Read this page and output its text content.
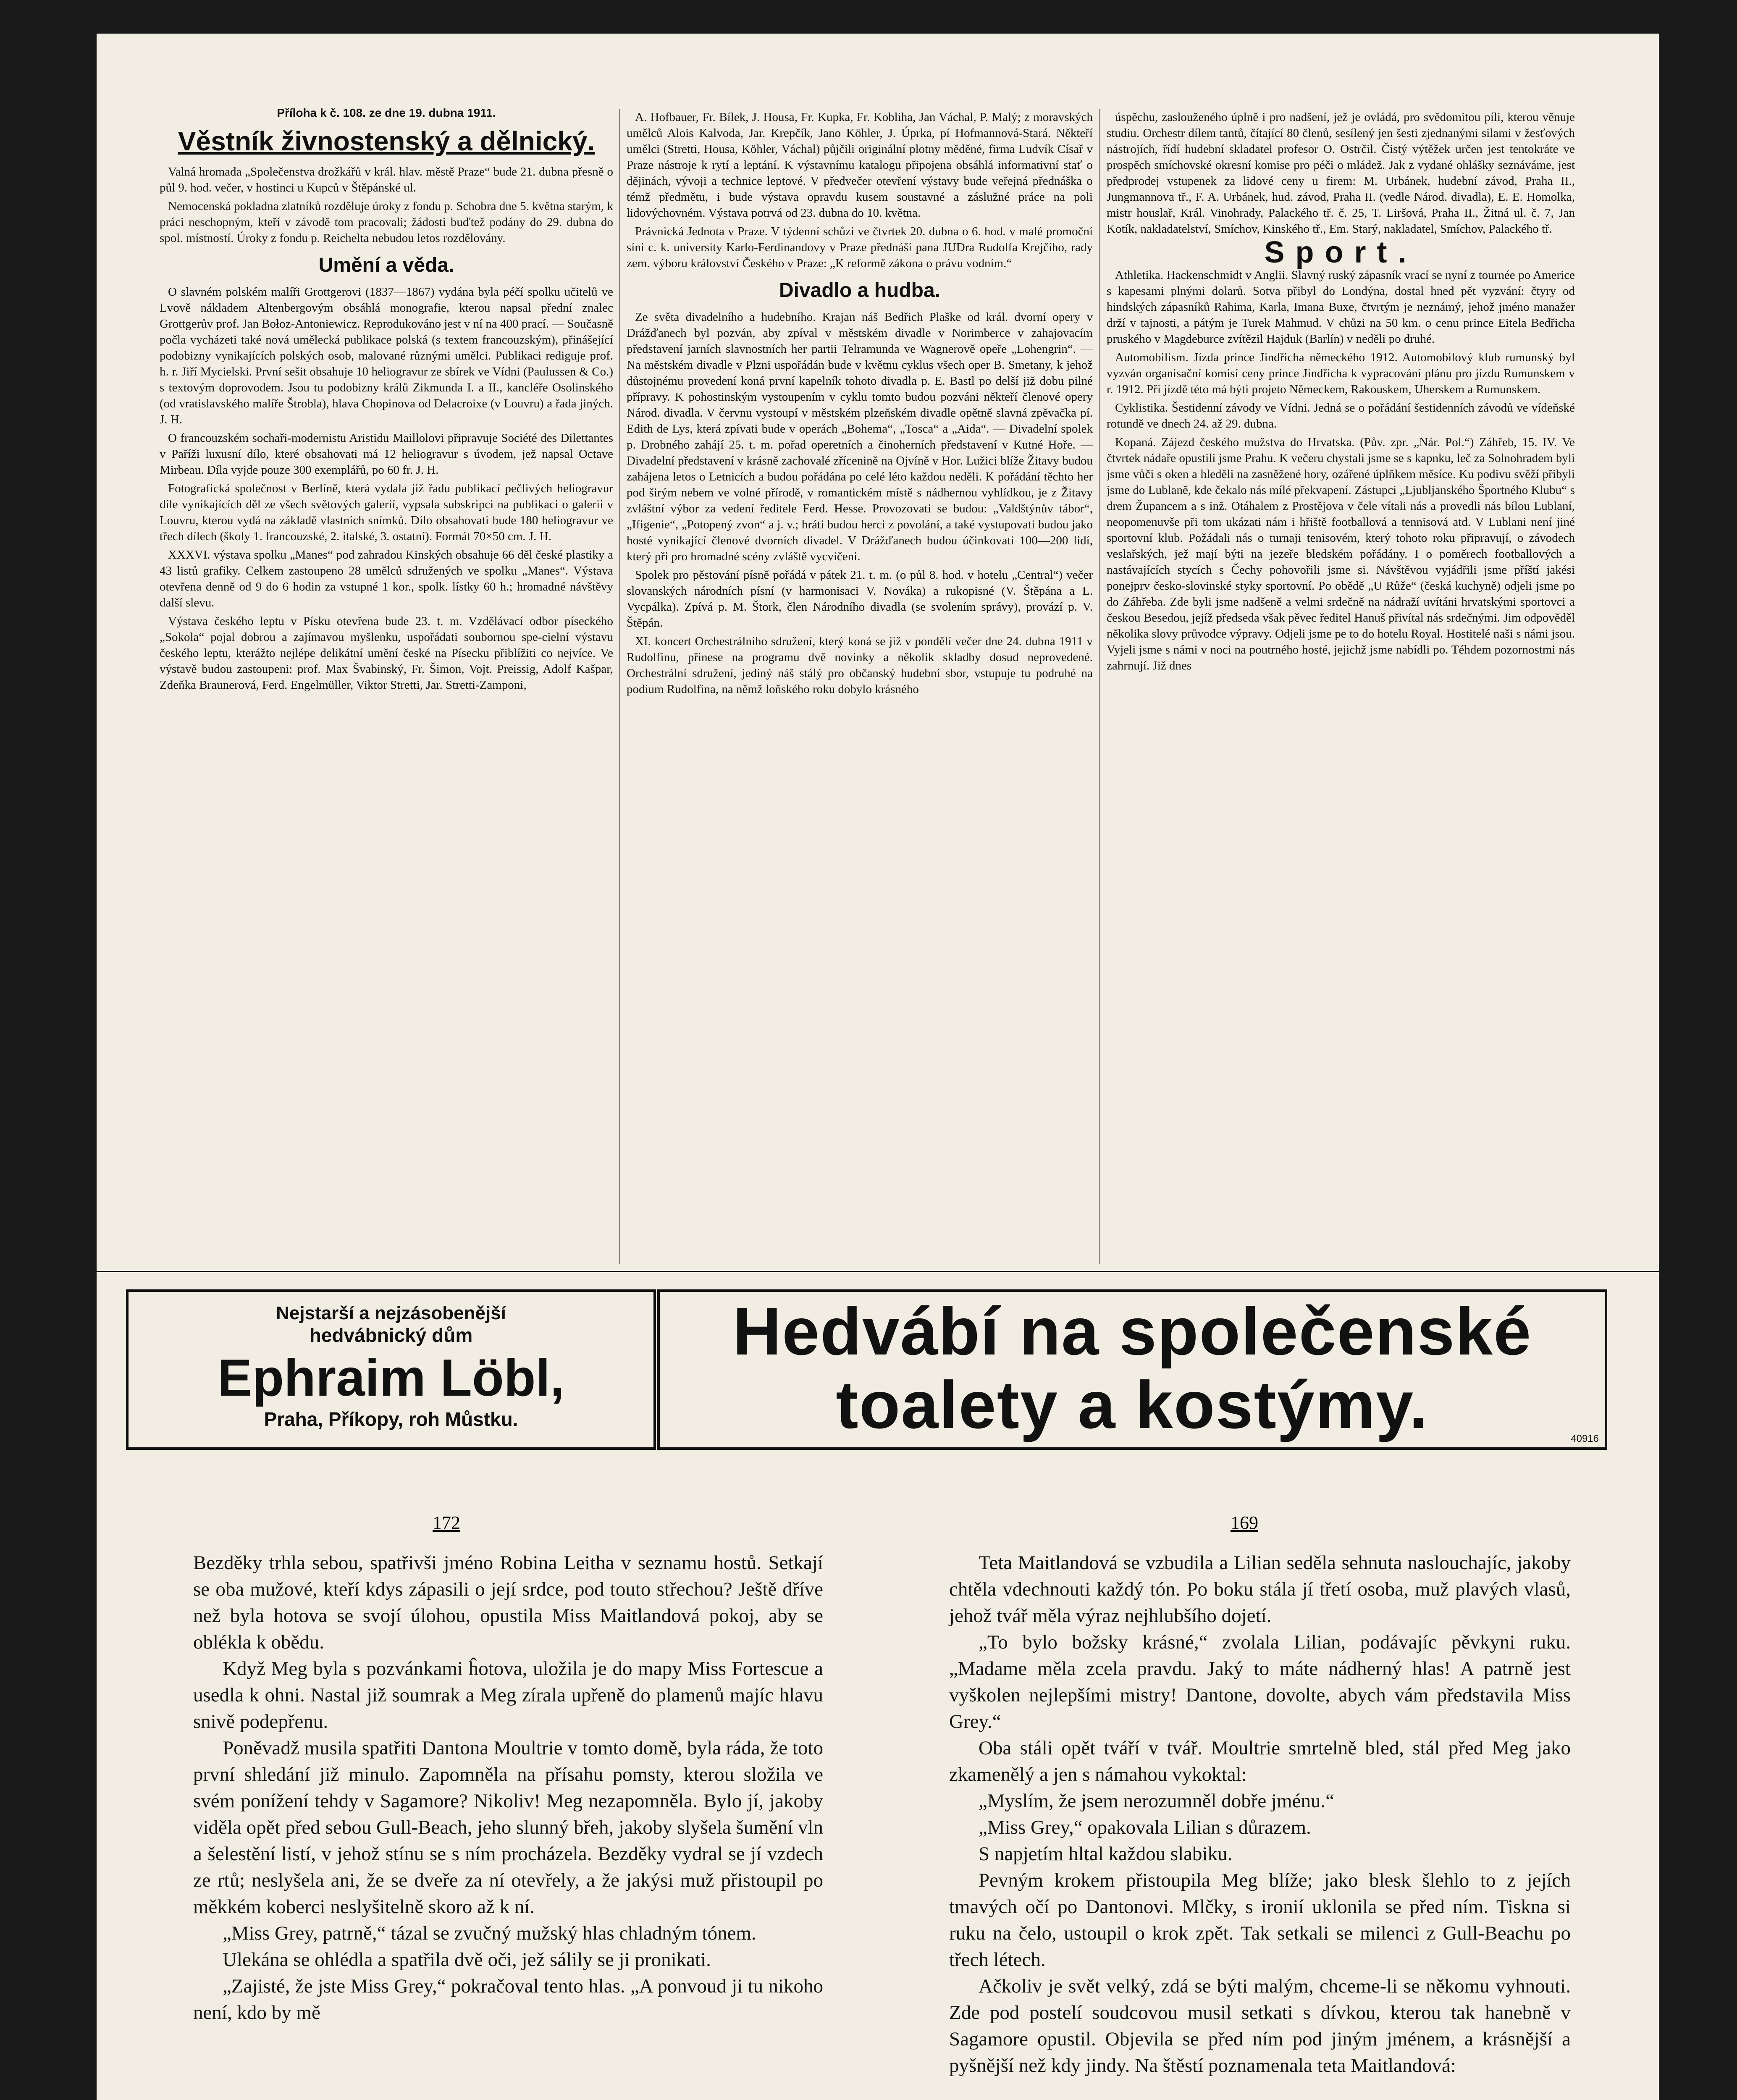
Příloha k č. 108. ze dne 19. dubna 1911.
Věstník živnostenský a dělnický.

Valná hromada „Společenstva drožkářů v král. hlav. městě Praze“ bude 21. dubna přesně o půl 9. hod. večer, v hostinci u Kupců v Štěpánské ul.

Nemocenská pokladna zlatníků rozděluje úroky z fondu p. Schobra dne 5. května starým, k práci neschopným, kteří v závodě tom pracovali; žádosti buďtež podány do 29. dubna do spol. místností. Úroky z fondu p. Reichelta nebudou letos rozdělovány.

Umění a věda.

O slavném polském malíři Grottgerovi (1837—1867) vydána byla péčí spolku učitelů ve Lvově nákladem Altenbergovým obsáhlá monografie, kterou napsal přední znalec Grottgerův prof. Jan Bołoz-Antoniewicz. Reprodukováno jest v ní na 400 prací. — Současně počla vycházeti také nová umělecká publikace polská (s textem francouzským), přinášející podobizny vynikajících polských osob, malované různými umělci. Publikaci rediguje prof. h. r. Jiří Mycielski. První sešit obsahuje 10 heliogravur ze sbírek ve Vídni (Paulussen & Co.) s textovým doprovodem. Jsou tu podobizny králů Zikmunda I. a II., kancléře Osolinského (od vratislavského malíře Štrobla), hlava Chopinova od Delacroixe (v Louvru) a řada jiných. J. H.

O francouzském sochaři-modernistu Aristidu Maillolovi připravuje Société des Dilettantes v Paříži luxusní dílo, které obsahovati má 12 heliogravur s úvodem, jež napsal Octave Mirbeau. Díla vyjde pouze 300 exemplářů, po 60 fr. J. H.

Fotografická společnost v Berlíně, která vydala již řadu publikací pečlivých heliogravur díle vynikajících děl ze všech světových galerií, vypsala subskripci na publikaci o galerii v Louvru, kterou vydá na základě vlastních snímků. Dílo obsahovati bude 180 heliogravur ve třech dílech (školy 1. francouzské, 2. italské, 3. ostatní). Formát 70×50 cm. J. H.

XXXVI. výstava spolku „Manes“ pod zahradou Kinských obsahuje 66 děl české plastiky a 43 listů grafiky. Celkem zastoupeno 28 umělců sdružených ve spolku „Manes“. Výstava otevřena denně od 9 do 6 hodin za vstupné 1 kor., spolk. lístky 60 h.; hromadné návštěvy další slevu.

Výstava českého leptu v Písku otevřena bude 23. t. m. Vzdělávací odbor píseckého „Sokola“ pojal dobrou a zajímavou myšlenku, uspořádati soubornou spe-cielní výstavu českého leptu, kterážto nejlépe delikátní umění české na Písecku přiblížiti co nejvíce. Ve výstavě budou zastoupeni: prof. Max Švabinský, Fr. Šimon, Vojt. Preissig, Adolf Kašpar, Zdeňka Braunerová, Ferd. Engelmüller, Viktor Stretti, Jar. Stretti-Zamponi,

A. Hofbauer, Fr. Bílek, J. Housa, Fr. Kupka, Fr. Kobliha, Jan Váchal, P. Malý; z moravských umělců Alois Kalvoda, Jar. Krepčík, Jano Köhler, J. Úprka, pí Hofmannová-Stará. Někteří umělci (Stretti, Housa, Köhler, Váchal) půjčili originální plotny měděné, firma Ludvík Císař v Praze nástroje k rytí a leptání. K výstavnímu katalogu připojena obsáhlá informativní stať o dějinách, vývoji a technice leptové. V předvečer otevření výstavy bude veřejná přednáška o témž předmětu, i bude výstava opravdu kusem soustavné a záslužné práce na poli lidovýchovném. Výstava potrvá od 23. dubna do 10. května.

Právnická Jednota v Praze. V týdenní schůzi ve čtvrtek 20. dubna o 6. hod. v malé promoční síni c. k. university Karlo-Ferdinandovy v Praze přednáší pana JUDra Rudolfa Krejčího, rady zem. výboru království Českého v Praze: „K reformě zákona o právu vodním.“

Divadlo a hudba.

Ze světa divadelního a hudebního. Krajan náš Bedřich Plaške od král. dvorní opery v Drážďanech byl pozván, aby zpíval v městském divadle v Norimberce v zahajovacím představení jarních slavnostních her partii Telramunda ve Wagnerově opeře „Lohengrin“. — Na městském divadle v Plzni uspořádán bude v květnu cyklus všech oper B. Smetany, k jehož důstojnému provedení koná první kapelník tohoto divadla p. E. Bastl po delší již dobu pilné přípravy. K pohostinským vystoupením v cyklu tomto budou pozváni někteří členové opery Národ. divadla. V červnu vystoupí v městském plzeňském divadle opětně slavná zpěvačka pí. Edith de Lys, která zpívati bude v operách „Bohema“, „Tosca“ a „Aida“. — Divadelní spolek p. Drobného zahájí 25. t. m. pořad operetních a činoherních představení v Kutné Hoře. — Divadelní představení v krásně zachovalé zřícenině na Ojvíně v Hor. Lužici blíže Žitavy budou zahájena letos o Letnicích a budou pořádána po celé léto každou neděli. K pořádání těchto her pod širým nebem ve volné přírodě, v romantickém místě s nádhernou vyhlídkou, je z Žitavy zvláštní výbor za vedení ředitele Ferd. Hesse. Provozovati se budou: „Valdštýnův tábor“, „Ifigenie“, „Potopený zvon“ a j. v.; hráti budou herci z povolání, a také vystupovati budou jako hosté vynikající členové dvorních divadel. V Drážďanech budou účinkovati 100—200 lidí, který při pro hromadné scény zvláště vycvičeni.

Spolek pro pěstování písně pořádá v pátek 21. t. m. (o půl 8. hod. v hotelu „Central“) večer slovanských národních písní (v harmonisaci V. Nováka) a rukopisné (V. Štěpána a L. Vycpálka). Zpívá p. M. Štork, člen Národního divadla (se svolením správy), provází p. V. Štěpán.

XI. koncert Orchestrálního sdružení, který koná se již v pondělí večer dne 24. dubna 1911 v Rudolfinu, přinese na programu dvě novinky a několik skladby dosud neprovedené. Orchestrální sdružení, jediný náš stálý pro občanský hudební sbor, vstupuje tu podruhé na podium Rudolfina, na němž loňského roku dobylo krásného

úspěchu, zaslouženého úplně i pro nadšení, jež je ovládá, pro svědomitou píli, kterou věnuje studiu. Orchestr dílem tantů, čítající 80 členů, sesílený jen šesti zjednanými silami v žesťových nástrojích, řídí hudební skladatel profesor O. Ostrčil. Čistý výtěžek určen jest tentokráte ve prospěch smíchovské okresní komise pro péči o mládež. Jak z vydané ohlášky seznáváme, jest předprodej vstupenek za lidové ceny u firem: M. Urbánek, hudební závod, Praha II., Jungmannova tř., F. A. Urbánek, hud. závod, Praha II. (vedle Národ. divadla), E. E. Homolka, mistr houslař, Král. Vinohrady, Palackého tř. č. 25, T. Liršová, Praha II., Žitná ul. č. 7, Jan Kotík, nakladatelství, Smíchov, Kinského tř., Em. Starý, nakladatel, Smíchov, Palackého tř.

Sport.

Athletika. Hackenschmidt v Anglii. Slavný ruský zápasník vrací se nyní z tournée po Americe s kapesami plnými dolarů. Sotva přibyl do Londýna, dostal hned pět vyzvání: čtyry od hindských zápasníků Rahima, Karla, Imana Buxe, čtvrtým je neznámý, jehož jméno manažer drží v tajnosti, a pátým je Turek Mahmud. V chůzi na 50 km. o cenu prince Eitela Bedřicha pruského v Magdeburce zvítězil Hajduk (Barlín) v neděli po druhé.

Automobilism. Jízda prince Jindřicha německého 1912. Automobilový klub rumunský byl vyzván organisační komisí ceny prince Jindřicha k vypracování plánu pro jízdu Rumunskem v r. 1912. Při jízdě této má býti projeto Německem, Rakouskem, Uherskem a Rumunskem.

Cyklistika. Šestidenní závody ve Vídni. Jedná se o pořádání šestidenních závodů ve vídeňské rotundě ve dnech 24. až 29. dubna.

Kopaná. Zájezd českého mužstva do Hrvatska. (Pův. zpr. „Nár. Pol.“) Záhřeb, 15. IV. Ve čtvrtek nádaře opustili jsme Prahu. K večeru chystali jsme se s kapnku, leč za Solnohradem byli jsme vůči s oken a hleděli na zasněžené hory, ozářené úplňkem měsíce. Ku podivu svěží přibyli jsme do Lublaně, kde čekalo nás mílé překvapení. Zástupci „Ljubljanského Športného Klubu“ s drem Župancem a s inž. Otáhalem z Prostějova v čele vítali nás a provedli nás bílou Lublaní, neopomenuvše při tom ukázati nám i hřiště footballová a tennisová atd. V Lublani není jiné sportovní klub. Požádali nás o turnaji tenisovém, který tohoto roku připravují, o závodech veslařských, jež mají býti na jezeře bledském pořádány. I o poměrech footballových a nastávajících stycích s Čechy pohovořili jsme si. Návštěvou vyjádřili jsme příští jakési ponejprv česko-slovinské styky sportovní. Po obědě „U Růže“ (česká kuchyně) odjeli jsme po do Záhřeba. Zde byli jsme nadšeně a velmi srdečně na nádraží uvítáni hrvatskými sportovci a českou Besedou, jejíž předseda však pěvec ředitel Hanuš přivítal nás srdečnými. Jim odpověděl několika slovy průvodce výpravy. Odjeli jsme pe to do hotelu Royal. Hostitelé naši s námi jsou. Vyjeli jsme s námi v noci na poutrného hosté, jejichž jsme nabídli po. Téhdem pozornostmi nás zahrnují. Již dnes

Nejstarší a nejzásobenější
hedvábnický dům
Ephraim Löbl,
Praha, Příkopy, roh Můstku.
Hedvábí na společenské
toalety a kostýmy.	40916
172

Bezděky trhla sebou, spatřivši jméno Robina Leitha v seznamu hostů. Setkají se oba mužové, kteří kdys zápasili o její srdce, pod touto střechou? Ještě dříve než byla hotova se svojí úlohou, opustila Miss Maitlandová pokoj, aby se oblékla k obědu.

Když Meg byla s pozvánkami ĥotova, uložila je do mapy Miss Fortescue a usedla k ohni. Nastal již soumrak a Meg zírala upřeně do plamenů majíc hlavu snivě podepřenu.

Poněvadž musila spatřiti Dantona Moultrie v tomto domě, byla ráda, že toto první shledání již minulo. Zapomněla na přísahu pomsty, kterou složila ve svém ponížení tehdy v Sagamore? Nikoliv! Meg nezapomněla. Bylo jí, jakoby viděla opět před sebou Gull-Beach, jeho slunný břeh, jakoby slyšela šumění vln a šelestění listí, v jehož stínu se s ním procházela. Bezděky vydral se jí vzdech ze rtů; neslyšela ani, že se dveře za ní otevřely, a že jakýsi muž přistoupil po měkkém koberci neslyšitelně skoro až k ní.

„Miss Grey, patrně,“ tázal se zvučný mužský hlas chladným tónem.

Ulekána se ohlédla a spatřila dvě oči, jež sálily se ji pronikati.

„Zajisté, že jste Miss Grey,“ pokračoval tento hlas. „A ponvoud ji tu nikoho není, kdo by mě

169

Teta Maitlandová se vzbudila a Lilian seděla sehnuta naslouchajíc, jakoby chtěla vdechnouti každý tón. Po boku stála jí třetí osoba, muž plavých vlasů, jehož tvář měla výraz nejhlubšího dojetí.

„To bylo božsky krásné,“ zvolala Lilian, podávajíc pěvkyni ruku. „Madame měla zcela pravdu. Jaký to máte nádherný hlas! A patrně jest vyškolen nejlepšími mistry! Dantone, dovolte, abych vám představila Miss Grey.“

Oba stáli opět tváří v tvář. Moultrie smrtelně bled, stál před Meg jako zkamenělý a jen s námahou vykoktal:

„Myslím, že jsem nerozumněl dobře jménu.“

„Miss Grey,“ opakovala Lilian s důrazem.

S napjetím hltal každou slabiku.

Pevným krokem přistoupila Meg blíže; jako blesk šlehlo to z jejích tmavých očí po Dantonovi. Mlčky, s ironií uklonila se před ním. Tiskna si ruku na čelo, ustoupil o krok zpět. Tak setkali se milenci z Gull-Beachu po třech létech.

Ačkoliv je svět velký, zdá se býti malým, chceme-li se někomu vyhnouti. Zde pod postelí soudcovou musil setkati s dívkou, kterou tak hanebně v Sagamore opustil. Objevila se před ním pod jiným jménem, a krásnější a pyšnější než kdy jindy. Na štěstí poznamenala teta Maitlandová:
